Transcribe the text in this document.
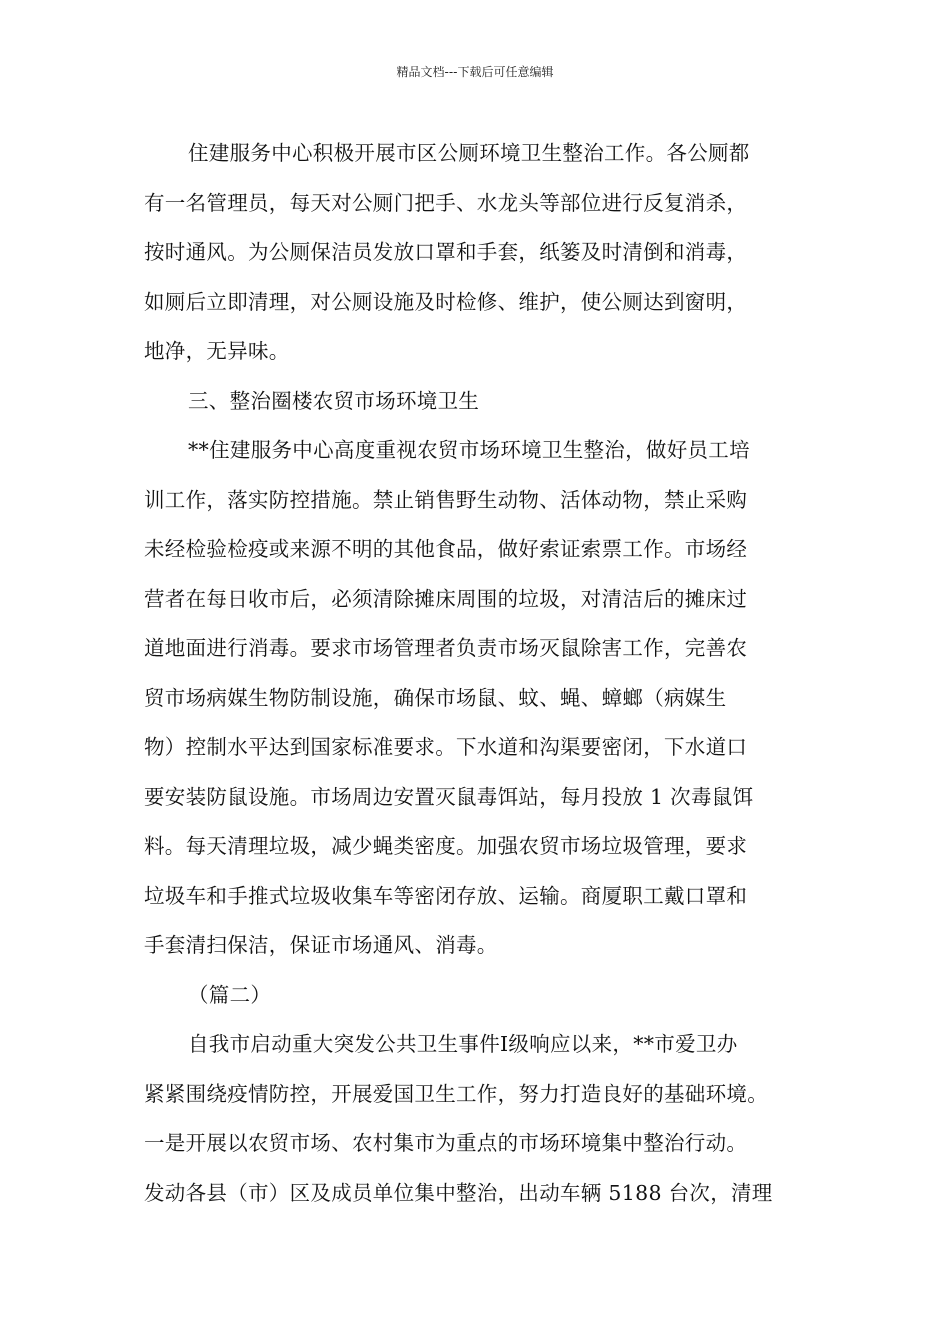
精品文档---下载后可任意编辑
住建服务中心积极开展市区公厕环境卫生整治工作。各公厕都
有一名管理员，每天对公厕门把手、水龙头等部位进行反复消杀，
按时通风。为公厕保洁员发放口罩和手套，纸篓及时清倒和消毒，
如厕后立即清理，对公厕设施及时检修、维护，使公厕达到窗明，
地净，无异味。
三、整治圈楼农贸市场环境卫生
**住建服务中心高度重视农贸市场环境卫生整治，做好员工培
训工作，落实防控措施。禁止销售野生动物、活体动物，禁止采购
未经检验检疫或来源不明的其他食品，做好索证索票工作。市场经
营者在每日收市后，必须清除摊床周围的垃圾，对清洁后的摊床过
道地面进行消毒。要求市场管理者负责市场灭鼠除害工作，完善农
贸市场病媒生物防制设施，确保市场鼠、蚊、蝇、蟑螂（病媒生
物）控制水平达到国家标准要求。下水道和沟渠要密闭，下水道口
要安装防鼠设施。市场周边安置灭鼠毒饵站，每月投放 1 次毒鼠饵
料。每天清理垃圾，减少蝇类密度。加强农贸市场垃圾管理，要求
垃圾车和手推式垃圾收集车等密闭存放、运输。商厦职工戴口罩和
手套清扫保洁，保证市场通风、消毒。
（篇二）
自我市启动重大突发公共卫生事件Ⅰ级响应以来，**市爱卫办
紧紧围绕疫情防控，开展爱国卫生工作，努力打造良好的基础环境。
一是开展以农贸市场、农村集市为重点的市场环境集中整治行动。
发动各县（市）区及成员单位集中整治，出动车辆 5188 台次，清理
